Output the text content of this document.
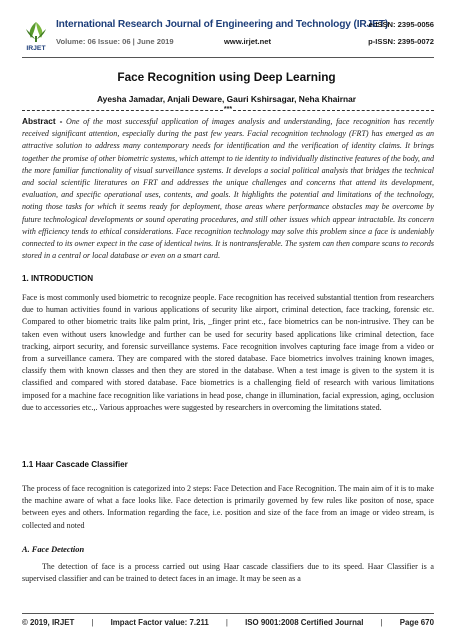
IRJET
International Research Journal of Engineering and Technology (IRJET)
e-ISSN: 2395-0056
Volume: 06 Issue: 06 | June 2019	www.irjet.net	p-ISSN: 2395-0072
Face Recognition using Deep Learning
Ayesha Jamadar, Anjali Deware, Gauri Kshirsagar, Neha Khairnar
***
Abstract - One of the most successful application of images analysis and understanding, face recognition has recently received significant attention, especially during the past few years. Facial recognition technology (FRT) has emerged as an attractive solution to address many contemporary needs for identification and the verification of identity claims. It brings together the promise of other biometric systems, which attempt to tie identity to individually distinctive features of the body, and the more familiar functionality of visual surveillance systems. It develops a social political analysis that bridges the technical and social scientific literatures on FRT and addresses the unique challenges and concerns that attend its development, evaluation, and specific operational uses, contents, and goals. It highlights the potential and limitations of the technology, noting those tasks for which it seems ready for deployment, those areas where performance obstacles may be overcome by future technological developments or sound operating procedures, and still other issues which appear intractable. Its concern with efficiency tends to ethical considerations. Face recognition technology may solve this problem since a face is undeniably connected to its owner expect in the case of identical twins. It is nontransferable. The system can then compare scans to records stored in a central or local database or even on a smart card.
1. INTRODUCTION
Face is most commonly used biometric to recognize people. Face recognition has received substantial ttention from researchers due to human activities found in various applications of security like airport, criminal detection, face tracking, forensic etc. Compared to other biometric traits like palm print, Iris, _finger print etc., face biometrics can be non-intrusive. They can be taken even without users knowledge and further can be used for security based applications like criminal detection, face tracking, airport security, and forensic surveillance systems. Face recognition involves capturing face image from a video or from a surveillance camera. They are compared with the stored database. Face biometrics involves training known images, classify them with known classes and then they are stored in the database. When a test image is given to the system it is classified and compared with stored database. Face biometrics is a challenging field of research with various limitations imposed for a machine face recognition like variations in head pose, change in illumination, facial expression, aging, occlusion due to accessories etc.,. Various approaches were suggested by researchers in overcoming the limitations stated.
1.1 Haar Cascade Classifier
The process of face recognition is categorized into 2 steps: Face Detection and Face Recognition. The main aim of it is to make the machine aware of what a face looks like. Face detection is primarily governed by few rules like positon of nose, space between eyes and others. Information regarding the face, i.e. position and size of the face from an image or video stream, is collected and noted
A. Face Detection
The detection of face is a process carried out using Haar cascade classifiers due to its speed. Haar Classifier is a supervised classifier and can be trained to detect faces in an image. It may be seen as a
© 2019, IRJET | Impact Factor value: 7.211 | ISO 9001:2008 Certified Journal | Page 670
